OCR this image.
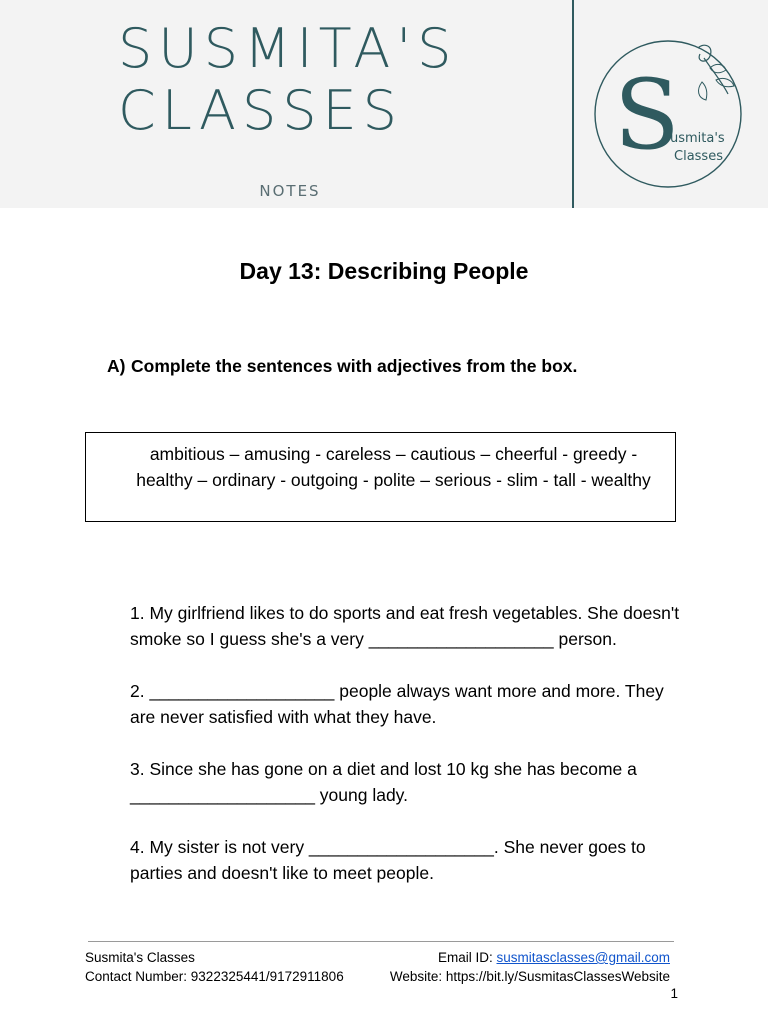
SUSMITA'S
CLASSES
NOTES
S
usmita's
Classes
Day 13: Describing People
A) Complete the sentences with adjectives from the box.
ambitious – amusing - careless – cautious – cheerful - greedy - healthy – ordinary - outgoing - polite – serious - slim - tall - wealthy

1. My girlfriend likes to do sports and eat fresh vegetables. She doesn't smoke so I guess she's a very ___________________ person.

2. ___________________ people always want more and more. They are never satisfied with what they have.

3. Since she has gone on a diet and lost 10 kg she has become a ___________________ young lady.

4. My sister is not very ___________________. She never goes to parties and doesn't like to meet people.

Susmita's Classes
Contact Number: 9322325441/9172911806
Email ID: susmitasclasses@gmail.com
Website: https://bit.ly/SusmitasClassesWebsite
1
